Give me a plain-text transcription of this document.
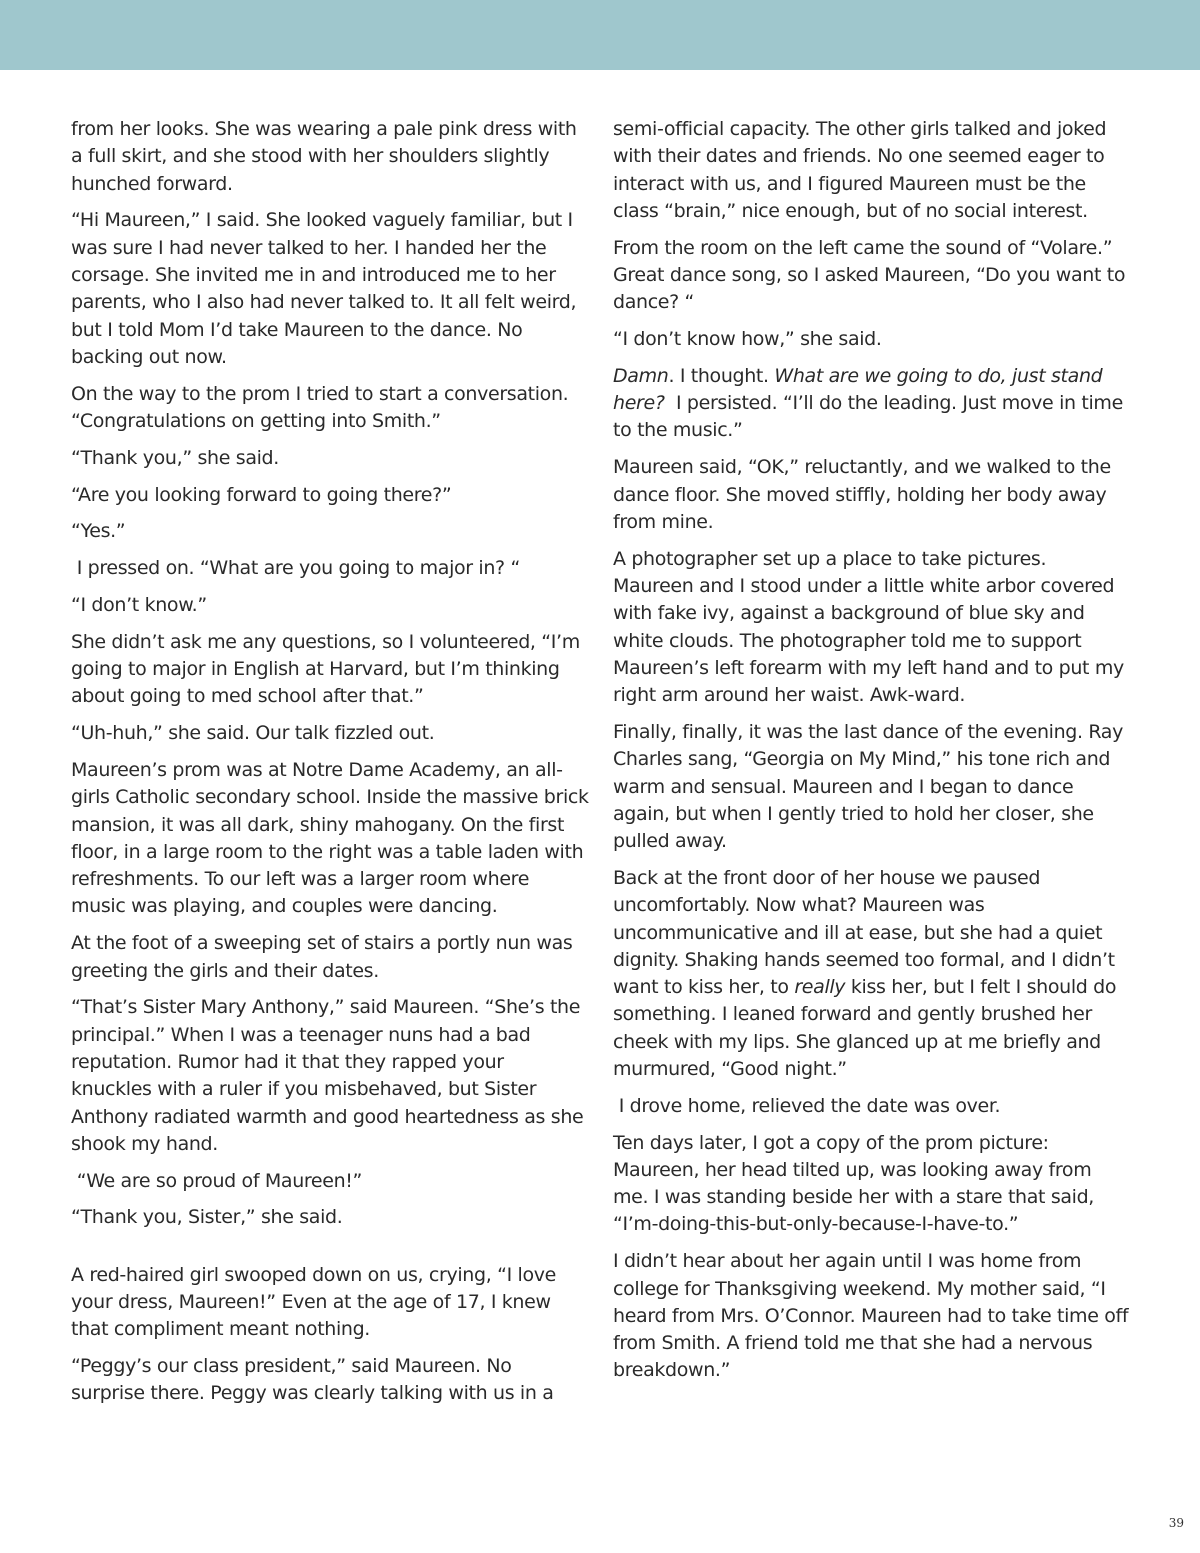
from her looks. She was wearing a pale pink dress with a full skirt, and she stood with her shoulders slightly hunched forward.

“Hi Maureen,” I said. She looked vaguely familiar, but I was sure I had never talked to her. I handed her the corsage. She invited me in and introduced me to her parents, who I also had never talked to. It all felt weird, but I told Mom I’d take Maureen to the dance. No backing out now.

On the way to the prom I tried to start a conversation. “Congratulations on getting into Smith.”

“Thank you,” she said.

“Are you looking forward to going there?”

“Yes.”

I pressed on. “What are you going to major in? “

“I don’t know.”

She didn’t ask me any questions, so I volunteered, “I’m going to major in English at Harvard, but I’m thinking about going to med school after that.”

“Uh-huh,” she said. Our talk fizzled out.

Maureen’s prom was at Notre Dame Academy, an all-girls Catholic secondary school. Inside the massive brick mansion, it was all dark, shiny mahogany. On the first floor, in a large room to the right was a table laden with refreshments. To our left was a larger room where music was playing, and couples were dancing.

At the foot of a sweeping set of stairs a portly nun was greeting the girls and their dates.

“That’s Sister Mary Anthony,” said Maureen. “She’s the principal.” When I was a teenager nuns had a bad reputation. Rumor had it that they rapped your knuckles with a ruler if you misbehaved, but Sister Anthony radiated warmth and good heartedness as she shook my hand.

“We are so proud of Maureen!”

“Thank you, Sister,” she said.

A red-haired girl swooped down on us, crying, “I love your dress, Maureen!” Even at the age of 17, I knew that compliment meant nothing.

“Peggy’s our class president,” said Maureen. No surprise there. Peggy was clearly talking with us in a

semi-official capacity. The other girls talked and joked with their dates and friends. No one seemed eager to interact with us, and I figured Maureen must be the class “brain,” nice enough, but of no social interest.

From the room on the left came the sound of “Volare.” Great dance song, so I asked Maureen, “Do you want to dance? “

“I don’t know how,” she said.

Damn. I thought. What are we going to do, just stand here?  I persisted. “I’ll do the leading. Just move in time to the music.”

Maureen said, “OK,” reluctantly, and we walked to the dance floor. She moved stiffly, holding her body away from mine.

A photographer set up a place to take pictures. Maureen and I stood under a little white arbor covered with fake ivy, against a background of blue sky and white clouds. The photographer told me to support Maureen’s left forearm with my left hand and to put my right arm around her waist. Awk-ward.

Finally, finally, it was the last dance of the evening. Ray Charles sang, “Georgia on My Mind,” his tone rich and warm and sensual. Maureen and I began to dance again, but when I gently tried to hold her closer, she pulled away.

Back at the front door of her house we paused uncomfortably. Now what? Maureen was uncommunicative and ill at ease, but she had a quiet dignity. Shaking hands seemed too formal, and I didn’t want to kiss her, to really kiss her, but I felt I should do something. I leaned forward and gently brushed her cheek with my lips. She glanced up at me briefly and murmured, “Good night.”

I drove home, relieved the date was over.

Ten days later, I got a copy of the prom picture: Maureen, her head tilted up, was looking away from me. I was standing beside her with a stare that said, “I’m-doing-this-but-only-because-I-have-to.”

I didn’t hear about her again until I was home from college for Thanksgiving weekend. My mother said, “I heard from Mrs. O’Connor. Maureen had to take time off from Smith. A friend told me that she had a nervous breakdown.”

39
